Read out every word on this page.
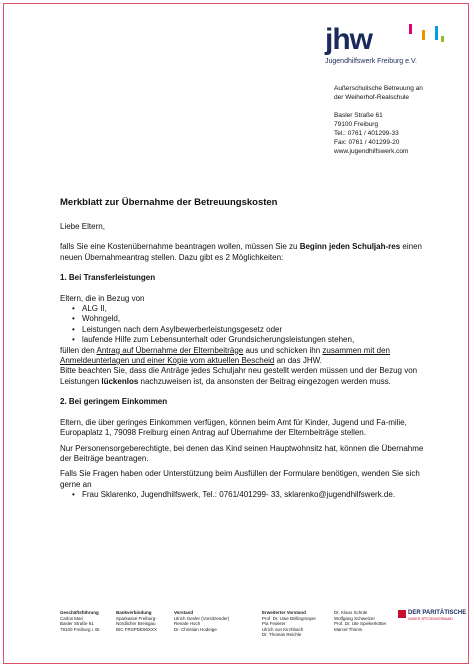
jhw
Jugendhilfswerk Freiburg e.V.
Außerschulische Betreuung an
der Weiherhof-Realschule
Basler Straße 61
79100 Freiburg
Tel.: 0761 / 401299-33
Fax: 0761 / 401299-20
www.jugendhilfswerk.com
Merkblatt zur Übernahme der Betreuungskosten

Liebe Eltern,

falls Sie eine Kostenübernahme beantragen wollen, müssen Sie zu Beginn jeden Schuljah-res einen neuen Übernahmeantrag stellen. Dazu gibt es 2 Möglichkeiten:

1. Bei Transferleistungen

Eltern, die in Bezug von

• ALG II,
• Wohngeld,
• Leistungen nach dem Asylbewerberleistungsgesetz oder
• laufende Hilfe zum Lebensunterhalt oder Grundsicherungsleistungen stehen,

füllen den Antrag auf Übernahme der Elternbeiträge aus und schicken ihn zusammen mit den Anmeldeunterlagen und einer Kopie vom aktuellen Bescheid an das JHW.

Bitte beachten Sie, dass die Anträge jedes Schuljahr neu gestellt werden müssen und der Bezug von Leistungen lückenlos nachzuweisen ist, da ansonsten der Beitrag eingezogen werden muss.

2. Bei geringem Einkommen

Eltern, die über geringes Einkommen verfügen, können beim Amt für Kinder, Jugend und Fa-milie, Europaplatz 1, 79098 Freiburg einen Antrag auf Übernahme der Elternbeiträge stellen.

Nur Personensorgeberechtigte, bei denen das Kind seinen Hauptwohnsitz hat, können die Übernahme der Beiträge beantragen.

Falls Sie Fragen haben oder Unterstützung beim Ausfüllen der Formulare benötigen, wenden Sie sich gerne an

• Frau Sklarenko, Jugendhilfswerk, Tel.: 0761/401299- 33, sklarenko@jugendhilfswerk.de.
Geschäftsführung
Carlos Mari
Basler Straße 61
79100 Freiburg i. Br.
Bankverbindung
Sparkasse Freiburg-
Nördlicher Breisgau
BIC FRSPDE66XXX
Vorstand
Ulrich Gesler (Vorsitzender)
Renate Hoch
Dr. Christian Hodeige
Erweiterter Vorstand
Prof. Dr. Uwe Böllingmayer
Pia Federer
Ulrich von Kirchbach
Dr. Thomas Reichle
Dr. Klaus Schüle
Wolfgang Schweizer
Prof. Dr. Ute Spiekerkötter
Marcel Thimm
DER PARITÄTISCHE
UNSER SPITZENVERBAND
